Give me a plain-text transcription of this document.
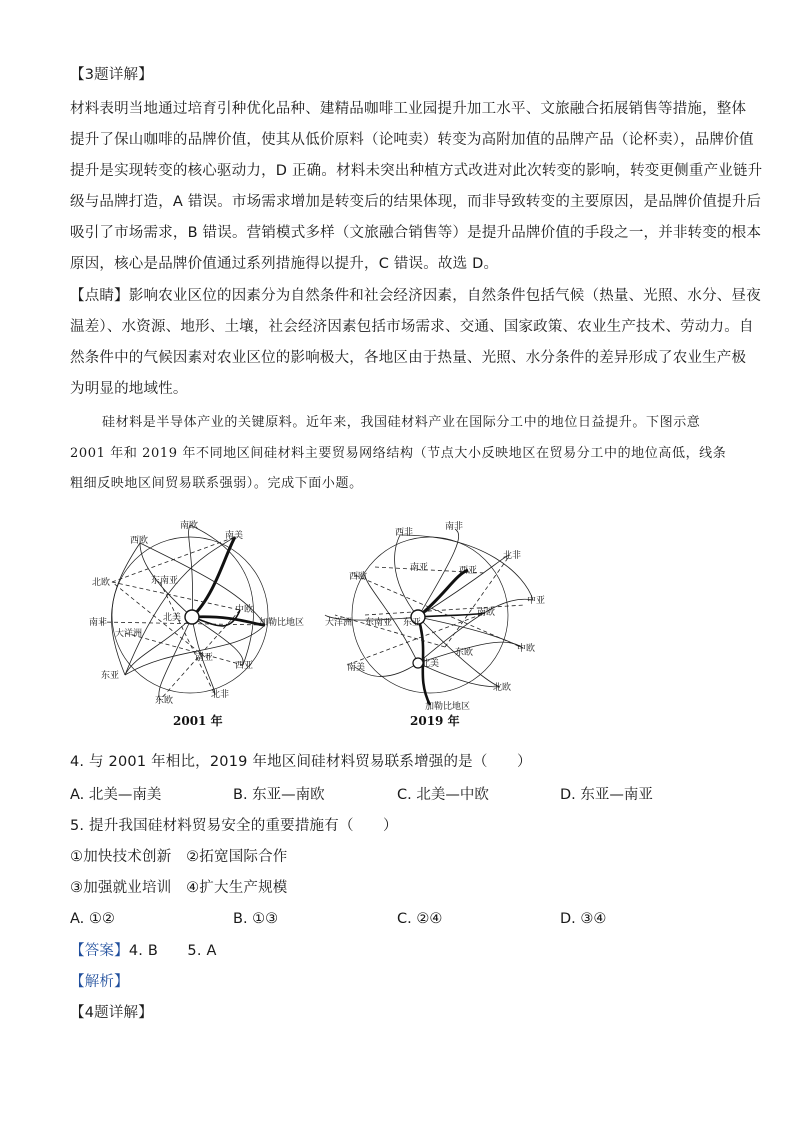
【3题详解】
材料表明当地通过培育引种优化品种、建精品咖啡工业园提升加工水平、文旅融合拓展销售等措施，整体
提升了保山咖啡的品牌价值，使其从低价原料（论吨卖）转变为高附加值的品牌产品（论杯卖），品牌价值
提升是实现转变的核心驱动力，D 正确。材料未突出种植方式改进对此次转变的影响，转变更侧重产业链升
级与品牌打造，A 错误。市场需求增加是转变后的结果体现，而非导致转变的主要原因，是品牌价值提升后
吸引了市场需求，B 错误。营销模式多样（文旅融合销售等）是提升品牌价值的手段之一，并非转变的根本
原因，核心是品牌价值通过系列措施得以提升，C 错误。故选 D。
【点睛】影响农业区位的因素分为自然条件和社会经济因素，自然条件包括气候（热量、光照、水分、昼夜
温差）、水资源、地形、土壤，社会经济因素包括市场需求、交通、国家政策、农业生产技术、劳动力。自
然条件中的气候因素对农业区位的影响极大，各地区由于热量、光照、水分条件的差异形成了农业生产极
为明显的地域性。
硅材料是半导体产业的关键原料。近年来，我国硅材料产业在国际分工中的地位日益提升。下图示意
2001 年和 2019 年不同地区间硅材料主要贸易网络结构（节点大小反映地区在贸易分工中的地位高低，线条
粗细反映地区间贸易联系强弱）。完成下面小题。
南欧
西欧	南美
北欧	东南亚
南非
大洋洲
北美
中欧
加勒比地区
南亚
东亚
西亚
北非
东欧
2001 年
西非
南非
北非
西欧
南亚	西亚
中亚
大洋洲 东南亚 东亚
南欧
东欧	中欧
南美	北美
北欧
加勒比地区
2019 年
4. 与 2001 年相比，2019 年地区间硅材料贸易联系增强的是（　　）
A. 北美—南美	B. 东亚—南欧	C. 北美—中欧	D. 东亚—南亚
5. 提升我国硅材料贸易安全的重要措施有（　　）
①加快技术创新　②拓宽国际合作
③加强就业培训　④扩大生产规模
A. ①②	B. ①③	C. ②④	D. ③④
【答案】4. B　　5. A
【解析】
【4题详解】
